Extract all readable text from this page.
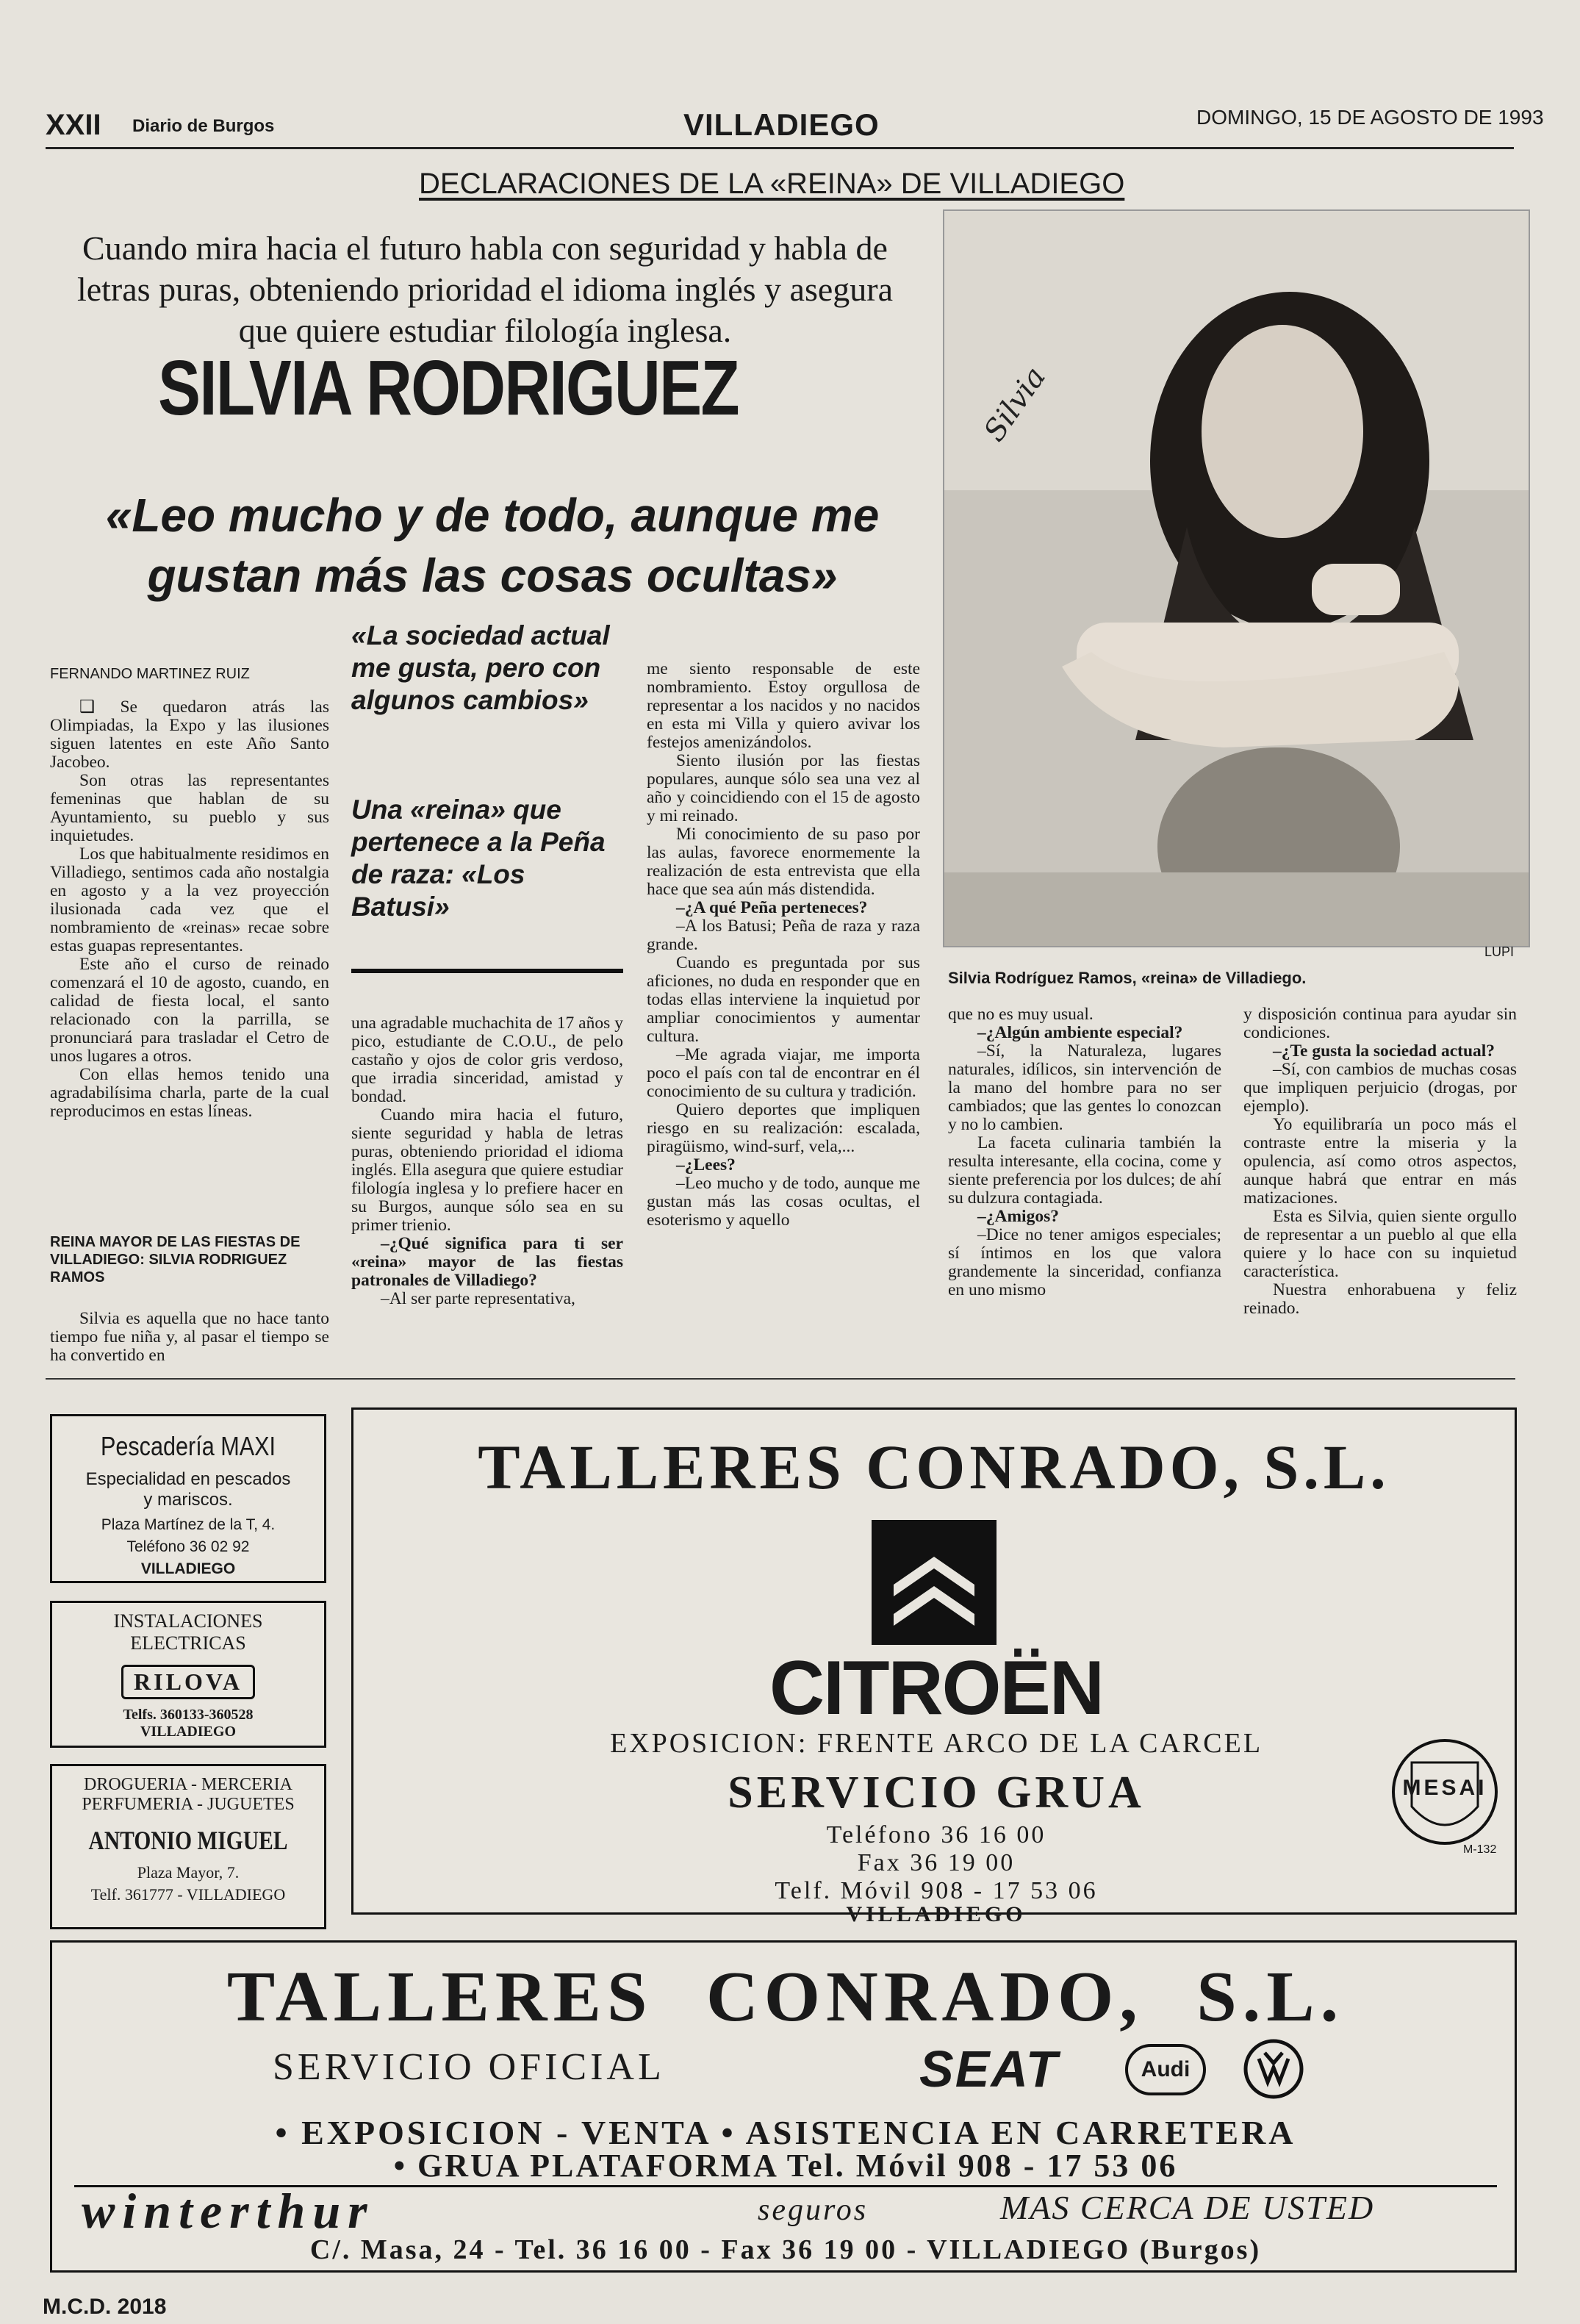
XXII Diario de Burgos	VILLADIEGO	DOMINGO, 15 DE AGOSTO DE 1993
DECLARACIONES DE LA «REINA» DE VILLADIEGO
Cuando mira hacia el futuro habla con seguridad y habla de letras puras, obteniendo prioridad el idioma inglés y asegura que quiere estudiar filología inglesa.
SILVIA RODRIGUEZ
«Leo mucho y de todo, aunque me gustan más las cosas ocultas»
Silvia
LUPI
Silvia Rodríguez Ramos, «reina» de Villadiego.
FERNANDO MARTINEZ RUIZ

❑ Se quedaron atrás las Olimpiadas, la Expo y las ilusiones siguen latentes en este Año Santo Jacobeo.

Son otras las representantes femeninas que hablan de su Ayuntamiento, su pueblo y sus inquietudes.

Los que habitualmente residimos en Villadiego, sentimos cada año nostalgia en agosto y a la vez proyección ilusionada cada vez que el nombramiento de «reinas» recae sobre estas guapas representantes.

Este año el curso de reinado comenzará el 10 de agosto, cuando, en calidad de fiesta local, el santo relacionado con la parrilla, se pronunciará para trasladar el Cetro de unos lugares a otros.

Con ellas hemos tenido una agradabilísima charla, parte de la cual reproducimos en estas líneas.

REINA MAYOR DE LAS FIESTAS DE VILLADIEGO: SILVIA RODRIGUEZ RAMOS

Silvia es aquella que no hace tanto tiempo fue niña y, al pasar el tiempo se ha convertido en

«La sociedad actual me gusta, pero con algunos cambios»
Una «reina» que pertenece a la Peña de raza: «Los Batusi»

una agradable muchachita de 17 años y pico, estudiante de C.O.U., de pelo castaño y ojos de color gris verdoso, que irradia sinceridad, amistad y bondad.

Cuando mira hacia el futuro, siente seguridad y habla de letras puras, obteniendo prioridad el idioma inglés. Ella asegura que quiere estudiar filología inglesa y lo prefiere hacer en su Burgos, aunque sólo sea en su primer trienio.

–¿Qué significa para ti ser «reina» mayor de las fiestas patronales de Villadiego?

–Al ser parte representativa,

me siento responsable de este nombramiento. Estoy orgullosa de representar a los nacidos y no nacidos en esta mi Villa y quiero avivar los festejos amenizándolos.

Siento ilusión por las fiestas populares, aunque sólo sea una vez al año y coincidiendo con el 15 de agosto y mi reinado.

Mi conocimiento de su paso por las aulas, favorece enormemente la realización de esta entrevista que ella hace que sea aún más distendida.

–¿A qué Peña perteneces?

–A los Batusi; Peña de raza y raza grande.

Cuando es preguntada por sus aficiones, no duda en responder que en todas ellas interviene la inquietud por ampliar conocimientos y aumentar cultura.

–Me agrada viajar, me importa poco el país con tal de encontrar en él conocimiento de su cultura y tradición.

Quiero deportes que impliquen riesgo en su realización: escalada, piragüismo, wind-surf, vela,...

–¿Lees?

–Leo mucho y de todo, aunque me gustan más las cosas ocultas, el esoterismo y aquello

que no es muy usual.

–¿Algún ambiente especial?

–Sí, la Naturaleza, lugares naturales, idílicos, sin intervención de la mano del hombre para no ser cambiados; que las gentes lo conozcan y no lo cambien.

La faceta culinaria también la resulta interesante, ella cocina, come y siente preferencia por los dulces; de ahí su dulzura contagiada.

–¿Amigos?

–Dice no tener amigos especiales; sí íntimos en los que valora grandemente la sinceridad, confianza en uno mismo

y disposición continua para ayudar sin condiciones.

–¿Te gusta la sociedad actual?

–Sí, con cambios de muchas cosas que impliquen perjuicio (drogas, por ejemplo).

Yo equilibraría un poco más el contraste entre la miseria y la opulencia, así como otros aspectos, aunque habrá que entrar en más matizaciones.

Esta es Silvia, quien siente orgullo de representar a un pueblo al que ella quiere y lo hace con su inquietud característica.

Nuestra enhorabuena y feliz reinado.

Pescadería MAXI
Especialidad en pescados y mariscos.
Plaza Martínez de la T, 4.
Teléfono 36 02 92
VILLADIEGO
INSTALACIONES
ELECTRICAS
RILOVA
Telfs. 360133-360528
VILLADIEGO
DROGUERIA - MERCERIA
PERFUMERIA - JUGUETES
ANTONIO MIGUEL
Plaza Mayor, 7.
Telf. 361777 - VILLADIEGO
TALLERES CONRADO, S.L.
CITROËN
EXPOSICION: FRENTE ARCO DE LA CARCEL
SERVICIO GRUA
Teléfono 36 16 00
Fax 36 19 00
Telf. Móvil 908 - 17 53 06
VILLADIEGO
MESAI
M-132
TALLERES CONRADO, S.L.
SERVICIO OFICIAL	SEAT	Audi
• EXPOSICION - VENTA • ASISTENCIA EN CARRETERA
• GRUA PLATAFORMA Tel. Móvil 908 - 17 53 06
winterthur	seguros	MAS CERCA DE USTED
C/. Masa, 24 - Tel. 36 16 00 - Fax 36 19 00 - VILLADIEGO (Burgos)
M.C.D. 2018
